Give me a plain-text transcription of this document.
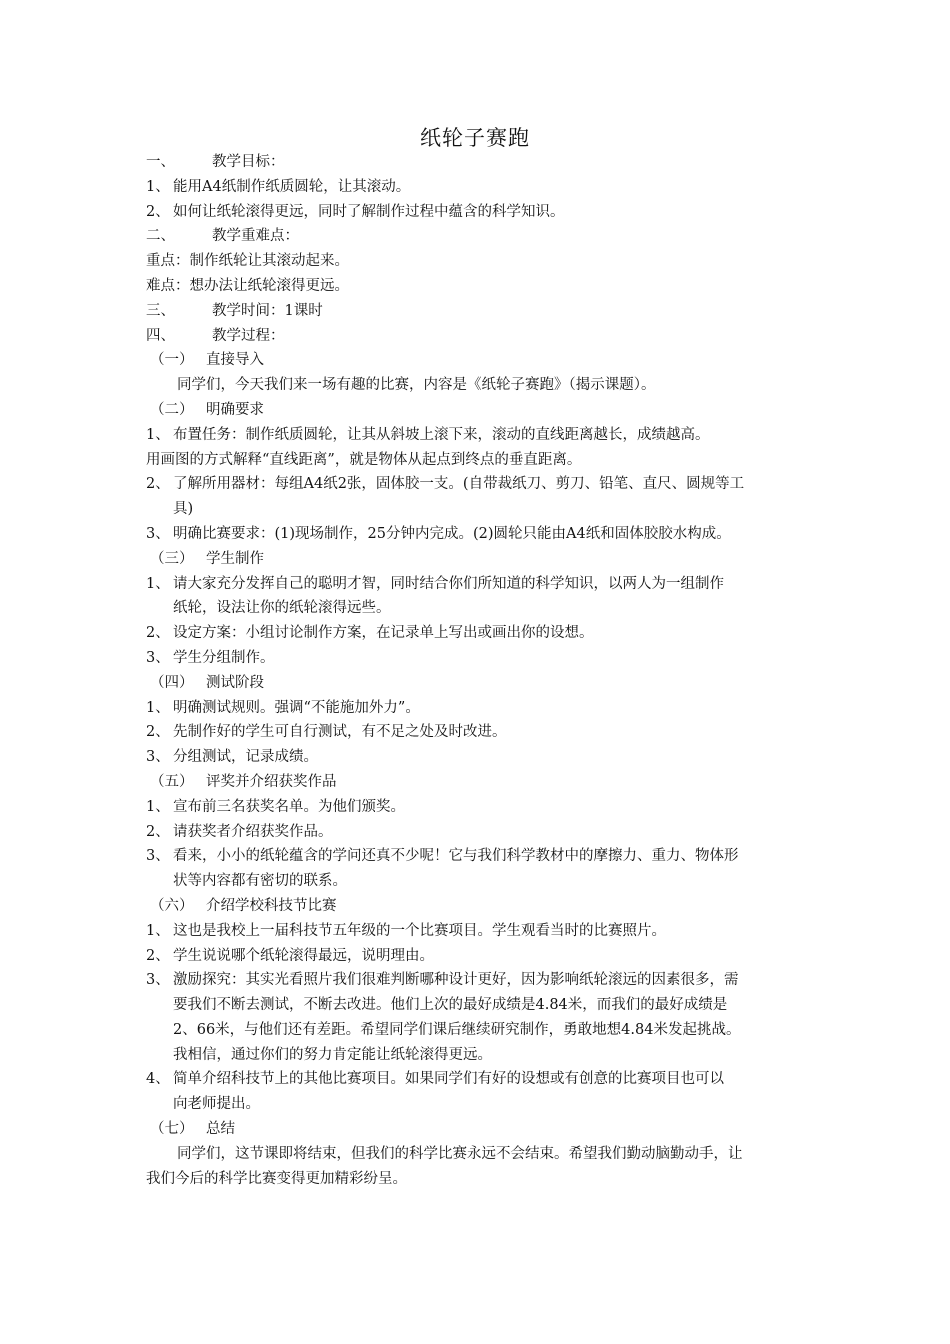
纸轮子赛跑
一、	教学目标：
1、 能用A4纸制作纸质圆轮，让其滚动。
2、 如何让纸轮滚得更远，同时了解制作过程中蕴含的科学知识。
二、	教学重难点：
重点：制作纸轮让其滚动起来。
难点：想办法让纸轮滚得更远。
三、	教学时间：1课时
四、	教学过程：
（一） 直接导入
同学们，今天我们来一场有趣的比赛，内容是《纸轮子赛跑》（揭示课题）。
（二） 明确要求
1、 布置任务：制作纸质圆轮，让其从斜坡上滚下来，滚动的直线距离越长，成绩越高。
用画图的方式解释“直线距离”，就是物体从起点到终点的垂直距离。
2、 了解所用器材：每组A4纸2张，固体胶一支。(自带裁纸刀、剪刀、铅笔、直尺、圆规等工
具)
3、 明确比赛要求：(1)现场制作，25分钟内完成。(2)圆轮只能由A4纸和固体胶胶水构成。
（三） 学生制作
1、 请大家充分发挥自己的聪明才智，同时结合你们所知道的科学知识，以两人为一组制作
纸轮，设法让你的纸轮滚得远些。
2、 设定方案：小组讨论制作方案，在记录单上写出或画出你的设想。
3、 学生分组制作。
（四） 测试阶段
1、 明确测试规则。强调“不能施加外力”。
2、 先制作好的学生可自行测试，有不足之处及时改进。
3、 分组测试，记录成绩。
（五） 评奖并介绍获奖作品
1、 宣布前三名获奖名单。为他们颁奖。
2、 请获奖者介绍获奖作品。
3、 看来，小小的纸轮蕴含的学问还真不少呢！它与我们科学教材中的摩擦力、重力、物体形
状等内容都有密切的联系。
（六） 介绍学校科技节比赛
1、 这也是我校上一届科技节五年级的一个比赛项目。学生观看当时的比赛照片。
2、 学生说说哪个纸轮滚得最远，说明理由。
3、 激励探究：其实光看照片我们很难判断哪种设计更好，因为影响纸轮滚远的因素很多，需
要我们不断去测试，不断去改进。他们上次的最好成绩是4.84米，而我们的最好成绩是
2、66米，与他们还有差距。希望同学们课后继续研究制作，勇敢地想4.84米发起挑战。
我相信，通过你们的努力肯定能让纸轮滚得更远。
4、 简单介绍科技节上的其他比赛项目。如果同学们有好的设想或有创意的比赛项目也可以
向老师提出。
（七） 总结
同学们，这节课即将结束，但我们的科学比赛永远不会结束。希望我们勤动脑勤动手，让
我们今后的科学比赛变得更加精彩纷呈。
